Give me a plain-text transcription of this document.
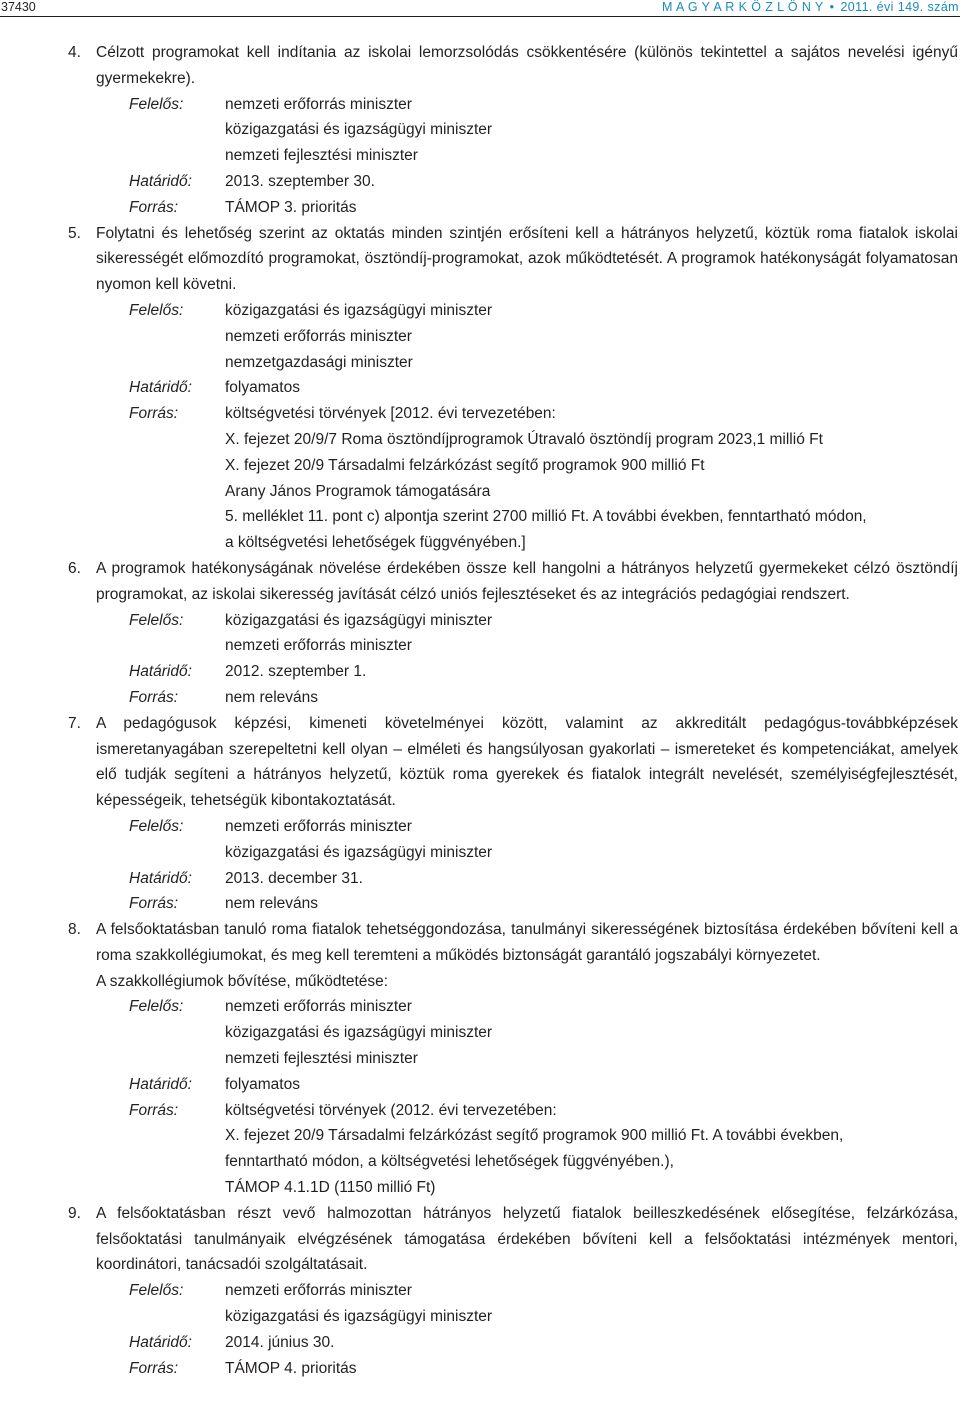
37430	M A G Y A R K Ö Z L Ö N Y • 2011. évi 149. szám

4. Célzott programokat kell indítania az iskolai lemorzsolódás csökkentésére (különös tekintettel a sajátos nevelési igényű gyermekekre).

Felelős:	nemzeti erőforrás miniszter
közigazgatási és igazságügyi miniszter
nemzeti fejlesztési miniszter
Határidő:	2013. szeptember 30.
Forrás:	TÁMOP 3. prioritás

5. Folytatni és lehetőség szerint az oktatás minden szintjén erősíteni kell a hátrányos helyzetű, köztük roma fiatalok iskolai sikerességét előmozdító programokat, ösztöndíj-programokat, azok működtetését. A programok hatékonyságát folyamatosan nyomon kell követni.

Felelős:	közigazgatási és igazságügyi miniszter
nemzeti erőforrás miniszter
nemzetgazdasági miniszter
Határidő:	folyamatos
Forrás:	költségvetési törvények [2012. évi tervezetében:
X. fejezet 20/9/7 Roma ösztöndíjprogramok Útravaló ösztöndíj program 2023,1 millió Ft
X. fejezet 20/9 Társadalmi felzárkózást segítő programok 900 millió Ft
Arany János Programok támogatására
5. melléklet 11. pont c) alpontja szerint 2700 millió Ft. A további években, fenntartható módon,
a költségvetési lehetőségek függvényében.]

6. A programok hatékonyságának növelése érdekében össze kell hangolni a hátrányos helyzetű gyermekeket célzó ösztöndíj programokat, az iskolai sikeresség javítását célzó uniós fejlesztéseket és az integrációs pedagógiai rendszert.

Felelős:	közigazgatási és igazságügyi miniszter
nemzeti erőforrás miniszter
Határidő:	2012. szeptember 1.
Forrás:	nem releváns

7. A pedagógusok képzési, kimeneti követelményei között, valamint az akkreditált pedagógus-továbbképzések ismeretanyagában szerepeltetni kell olyan – elméleti és hangsúlyosan gyakorlati – ismereteket és kompetenciákat, amelyek elő tudják segíteni a hátrányos helyzetű, köztük roma gyerekek és fiatalok integrált nevelését, személyiségfejlesztését, képességeik, tehetségük kibontakoztatását.

Felelős:	nemzeti erőforrás miniszter
közigazgatási és igazságügyi miniszter
Határidő:	2013. december 31.
Forrás:	nem releváns

8. A felsőoktatásban tanuló roma fiatalok tehetséggondozása, tanulmányi sikerességének biztosítása érdekében bővíteni kell a roma szakkollégiumokat, és meg kell teremteni a működés biztonságát garantáló jogszabályi környezetet.

A szakkollégiumok bővítése, működtetése:

Felelős:	nemzeti erőforrás miniszter
közigazgatási és igazságügyi miniszter
nemzeti fejlesztési miniszter
Határidő:	folyamatos
Forrás:	költségvetési törvények (2012. évi tervezetében:
X. fejezet 20/9 Társadalmi felzárkózást segítő programok 900 millió Ft. A további években,
fenntartható módon, a költségvetési lehetőségek függvényében.),
TÁMOP 4.1.1D (1150 millió Ft)

9. A felsőoktatásban részt vevő halmozottan hátrányos helyzetű fiatalok beilleszkedésének elősegítése, felzárkózása, felsőoktatási tanulmányaik elvégzésének támogatása érdekében bővíteni kell a felsőoktatási intézmények mentori, koordinátori, tanácsadói szolgáltatásait.

Felelős:	nemzeti erőforrás miniszter
közigazgatási és igazságügyi miniszter
Határidő:	2014. június 30.
Forrás:	TÁMOP 4. prioritás
